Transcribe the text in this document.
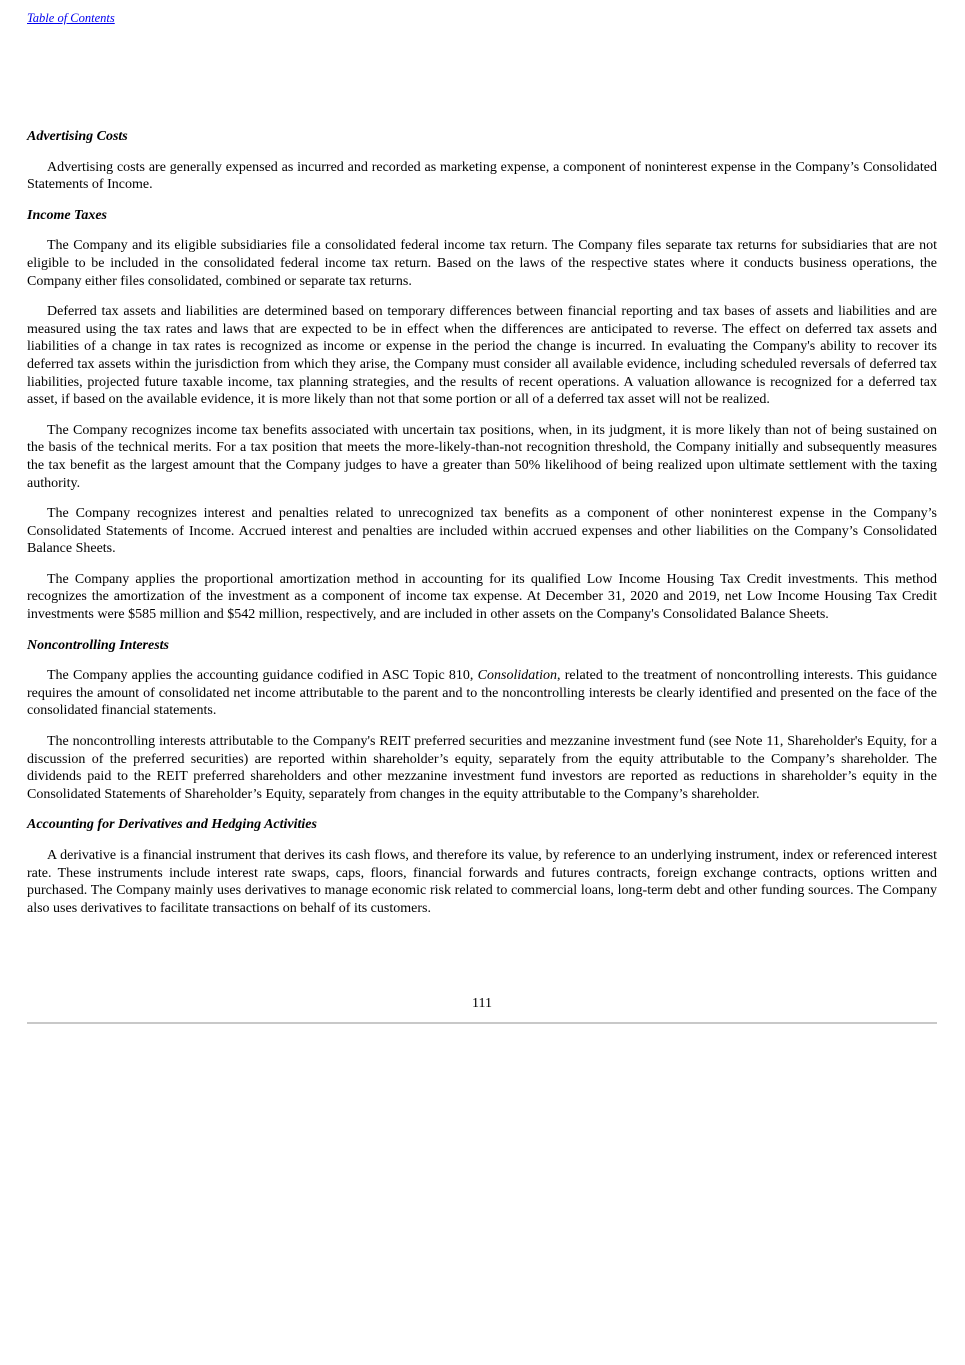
Table of Contents
Advertising Costs

Advertising costs are generally expensed as incurred and recorded as marketing expense, a component of noninterest expense in the Company’s Consolidated Statements of Income.

Income Taxes

The Company and its eligible subsidiaries file a consolidated federal income tax return. The Company files separate tax returns for subsidiaries that are not eligible to be included in the consolidated federal income tax return. Based on the laws of the respective states where it conducts business operations, the Company either files consolidated, combined or separate tax returns.

Deferred tax assets and liabilities are determined based on temporary differences between financial reporting and tax bases of assets and liabilities and are measured using the tax rates and laws that are expected to be in effect when the differences are anticipated to reverse. The effect on deferred tax assets and liabilities of a change in tax rates is recognized as income or expense in the period the change is incurred. In evaluating the Company's ability to recover its deferred tax assets within the jurisdiction from which they arise, the Company must consider all available evidence, including scheduled reversals of deferred tax liabilities, projected future taxable income, tax planning strategies, and the results of recent operations. A valuation allowance is recognized for a deferred tax asset, if based on the available evidence, it is more likely than not that some portion or all of a deferred tax asset will not be realized.

The Company recognizes income tax benefits associated with uncertain tax positions, when, in its judgment, it is more likely than not of being sustained on the basis of the technical merits. For a tax position that meets the more-likely-than-not recognition threshold, the Company initially and subsequently measures the tax benefit as the largest amount that the Company judges to have a greater than 50% likelihood of being realized upon ultimate settlement with the taxing authority.

The Company recognizes interest and penalties related to unrecognized tax benefits as a component of other noninterest expense in the Company’s Consolidated Statements of Income. Accrued interest and penalties are included within accrued expenses and other liabilities on the Company’s Consolidated Balance Sheets.

The Company applies the proportional amortization method in accounting for its qualified Low Income Housing Tax Credit investments. This method recognizes the amortization of the investment as a component of income tax expense. At December 31, 2020 and 2019, net Low Income Housing Tax Credit investments were $585 million and $542 million, respectively, and are included in other assets on the Company's Consolidated Balance Sheets.

Noncontrolling Interests

The Company applies the accounting guidance codified in ASC Topic 810, Consolidation, related to the treatment of noncontrolling interests. This guidance requires the amount of consolidated net income attributable to the parent and to the noncontrolling interests be clearly identified and presented on the face of the consolidated financial statements.

The noncontrolling interests attributable to the Company's REIT preferred securities and mezzanine investment fund (see Note 11, Shareholder's Equity, for a discussion of the preferred securities) are reported within shareholder’s equity, separately from the equity attributable to the Company’s shareholder. The dividends paid to the REIT preferred shareholders and other mezzanine investment fund investors are reported as reductions in shareholder’s equity in the Consolidated Statements of Shareholder’s Equity, separately from changes in the equity attributable to the Company’s shareholder.

Accounting for Derivatives and Hedging Activities

A derivative is a financial instrument that derives its cash flows, and therefore its value, by reference to an underlying instrument, index or referenced interest rate. These instruments include interest rate swaps, caps, floors, financial forwards and futures contracts, foreign exchange contracts, options written and purchased. The Company mainly uses derivatives to manage economic risk related to commercial loans, long-term debt and other funding sources. The Company also uses derivatives to facilitate transactions on behalf of its customers.

111
